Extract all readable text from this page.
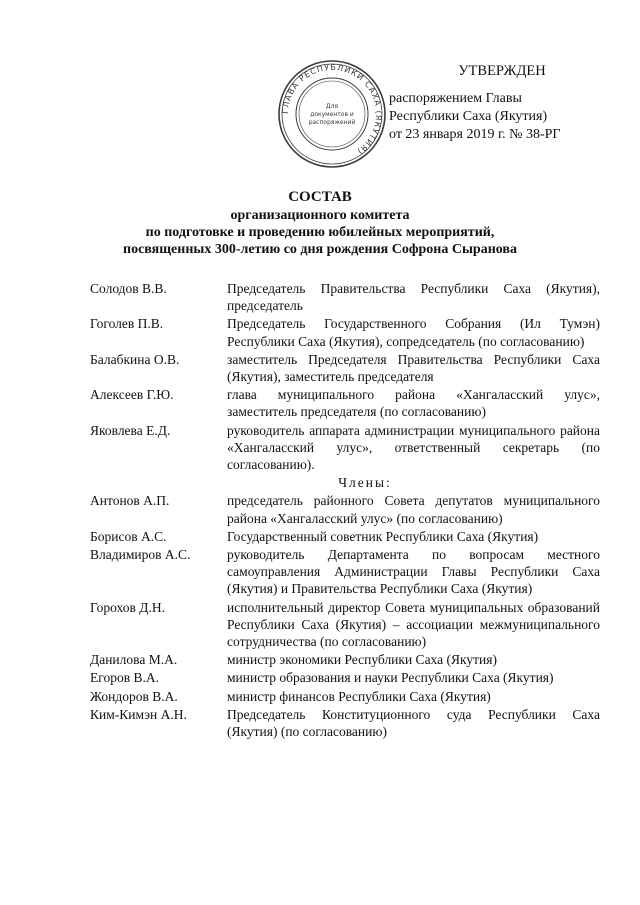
ГЛАВА РЕСПУБЛИКИ САХА (ЯКУТИЯ)
Для
документов и
распоряжений
УТВЕРЖДЕН
распоряжением Главы
Республики Саха (Якутия)
от 23 января 2019 г. № 38-РГ
СОСТАВ
организационного комитета
по подготовке и проведению юбилейных мероприятий,
посвященных 300-летию со дня рождения Софрона Сыранова
Солодов В.В.	Председатель Правительства Республики Саха (Якутия), председатель
Гоголев П.В.	Председатель Государственного Собрания (Ил Тумэн) Республики Саха (Якутия), сопредседатель (по согласованию)
Балабкина О.В.	заместитель Председателя Правительства Республики Саха (Якутия), заместитель председателя
Алексеев Г.Ю.	глава муниципального района «Хангаласский улус», заместитель председателя (по согласованию)
Яковлева Е.Д.	руководитель аппарата администрации муниципального района «Хангаласский улус», ответственный секретарь (по согласованию).
Члены:
Антонов А.П.	председатель районного Совета депутатов муниципального района «Хангаласский улус» (по согласованию)
Борисов А.С.	Государственный советник Республики Саха (Якутия)
Владимиров А.С.	руководитель Департамента по вопросам местного самоуправления Администрации Главы Республики Саха (Якутия) и Правительства Республики Саха (Якутия)
Горохов Д.Н.	исполнительный директор Совета муниципальных образований Республики Саха (Якутия) – ассоциации межмуниципального сотрудничества (по согласованию)
Данилова М.А.	министр экономики Республики Саха (Якутия)
Егоров В.А.	министр образования и науки Республики Саха (Якутия)
Жондоров В.А.	министр финансов Республики Саха (Якутия)
Ким-Кимэн А.Н.	Председатель Конституционного суда Республики Саха (Якутия) (по согласованию)
